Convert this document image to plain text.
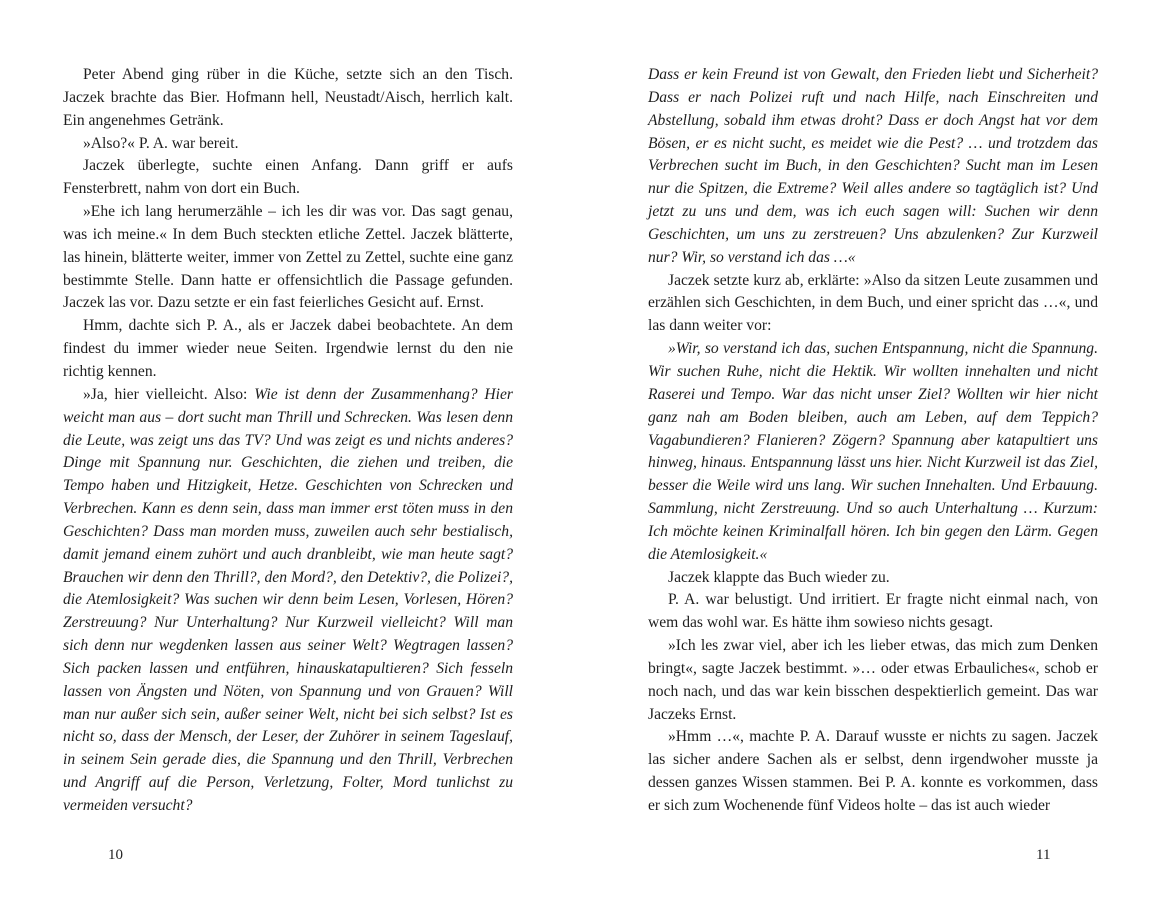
Peter Abend ging rüber in die Küche, setzte sich an den Tisch. Jaczek brachte das Bier. Hofmann hell, Neustadt/Aisch, herrlich kalt. Ein angenehmes Getränk.

»Also?« P. A. war bereit.

Jaczek überlegte, suchte einen Anfang. Dann griff er aufs Fensterbrett, nahm von dort ein Buch.

»Ehe ich lang herumerzähle – ich les dir was vor. Das sagt genau, was ich meine.« In dem Buch steckten etliche Zettel. Jaczek blätterte, las hinein, blätterte weiter, immer von Zettel zu Zettel, suchte eine ganz bestimmte Stelle. Dann hatte er offensichtlich die Passage gefunden. Jaczek las vor. Dazu setzte er ein fast feierliches Gesicht auf. Ernst.

Hmm, dachte sich P. A., als er Jaczek dabei beobachtete. An dem findest du immer wieder neue Seiten. Irgendwie lernst du den nie richtig kennen.

»Ja, hier vielleicht. Also: Wie ist denn der Zusammenhang? Hier weicht man aus – dort sucht man Thrill und Schrecken. Was lesen denn die Leute, was zeigt uns das TV? Und was zeigt es und nichts anderes? Dinge mit Spannung nur. Geschichten, die ziehen und treiben, die Tempo haben und Hitzigkeit, Hetze. Geschichten von Schrecken und Verbrechen. Kann es denn sein, dass man immer erst töten muss in den Geschichten? Dass man morden muss, zuweilen auch sehr bestialisch, damit jemand einem zuhört und auch dranbleibt, wie man heute sagt? Brauchen wir denn den Thrill?, den Mord?, den Detektiv?, die Polizei?, die Atemlosigkeit? Was suchen wir denn beim Lesen, Vorlesen, Hören? Zerstreuung? Nur Unterhaltung? Nur Kurzweil vielleicht? Will man sich denn nur wegdenken lassen aus seiner Welt? Wegtragen lassen? Sich packen lassen und entführen, hinauskatapultieren? Sich fesseln lassen von Ängsten und Nöten, von Spannung und von Grauen? Will man nur außer sich sein, außer seiner Welt, nicht bei sich selbst? Ist es nicht so, dass der Mensch, der Leser, der Zuhörer in seinem Tageslauf, in seinem Sein gerade dies, die Spannung und den Thrill, Verbrechen und Angriff auf die Person, Verletzung, Folter, Mord tunlichst zu vermeiden versucht?

Dass er kein Freund ist von Gewalt, den Frieden liebt und Sicherheit? Dass er nach Polizei ruft und nach Hilfe, nach Einschreiten und Abstellung, sobald ihm etwas droht? Dass er doch Angst hat vor dem Bösen, er es nicht sucht, es meidet wie die Pest? … und trotzdem das Verbrechen sucht im Buch, in den Geschichten? Sucht man im Lesen nur die Spitzen, die Extreme? Weil alles andere so tagtäglich ist? Und jetzt zu uns und dem, was ich euch sagen will: Suchen wir denn Geschichten, um uns zu zerstreuen? Uns abzulenken? Zur Kurzweil nur? Wir, so verstand ich das …«

Jaczek setzte kurz ab, erklärte: »Also da sitzen Leute zusammen und erzählen sich Geschichten, in dem Buch, und einer spricht das …«, und las dann weiter vor:

»Wir, so verstand ich das, suchen Entspannung, nicht die Spannung. Wir suchen Ruhe, nicht die Hektik. Wir wollten innehalten und nicht Raserei und Tempo. War das nicht unser Ziel? Wollten wir hier nicht ganz nah am Boden bleiben, auch am Leben, auf dem Teppich? Vagabundieren? Flanieren? Zögern? Spannung aber katapultiert uns hinweg, hinaus. Entspannung lässt uns hier. Nicht Kurzweil ist das Ziel, besser die Weile wird uns lang. Wir suchen Innehalten. Und Erbauung. Sammlung, nicht Zerstreuung. Und so auch Unterhaltung … Kurzum: Ich möchte keinen Kriminalfall hören. Ich bin gegen den Lärm. Gegen die Atemlosigkeit.«

Jaczek klappte das Buch wieder zu.

P. A. war belustigt. Und irritiert. Er fragte nicht einmal nach, von wem das wohl war. Es hätte ihm sowieso nichts gesagt.

»Ich les zwar viel, aber ich les lieber etwas, das mich zum Denken bringt«, sagte Jaczek bestimmt. »… oder etwas Erbauliches«, schob er noch nach, und das war kein bisschen despektierlich gemeint. Das war Jaczeks Ernst.

»Hmm …«, machte P. A. Darauf wusste er nichts zu sagen. Jaczek las sicher andere Sachen als er selbst, denn irgendwoher musste ja dessen ganzes Wissen stammen. Bei P. A. konnte es vorkommen, dass er sich zum Wochenende fünf Videos holte – das ist auch wieder

10	11
